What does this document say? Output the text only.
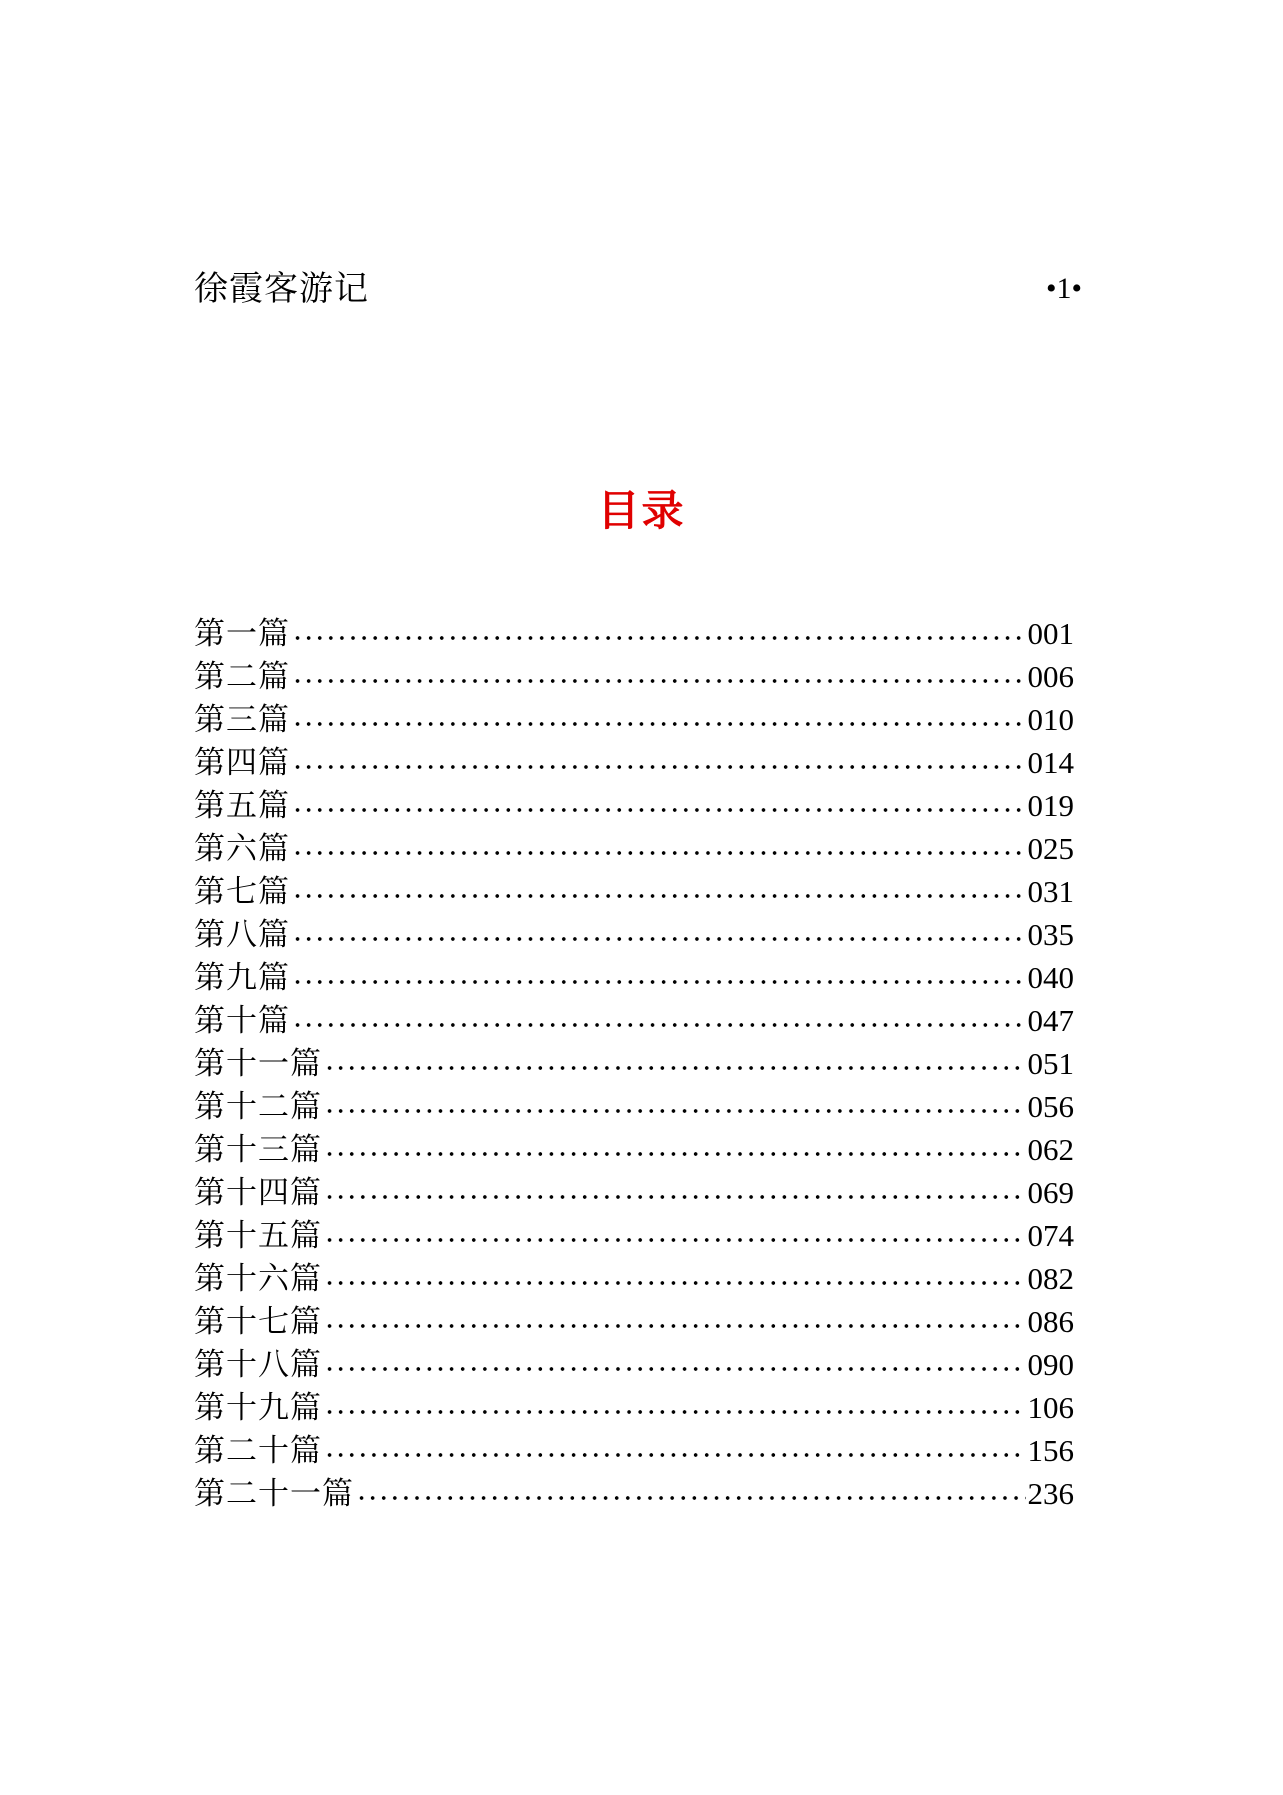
徐霞客游记	•1•
目录
第一篇	001
第二篇	006
第三篇	010
第四篇	014
第五篇	019
第六篇	025
第七篇	031
第八篇	035
第九篇	040
第十篇	047
第十一篇	051
第十二篇	056
第十三篇	062
第十四篇	069
第十五篇	074
第十六篇	082
第十七篇	086
第十八篇	090
第十九篇	106
第二十篇	156
第二十一篇	236
